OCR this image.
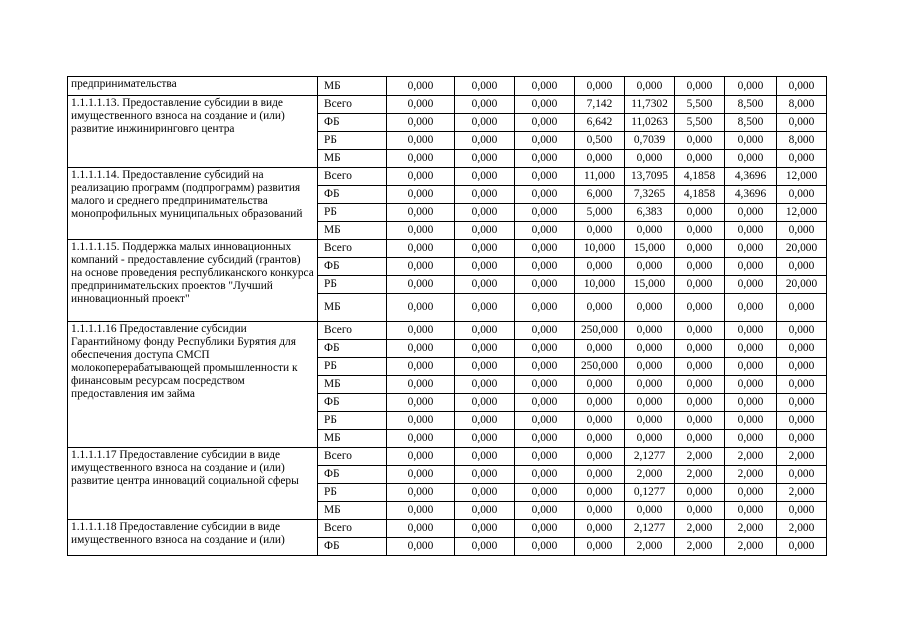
предпринимательства	МБ	0,000	0,000	0,000	0,000	0,000	0,000	0,000	0,000
1.1.1.1.13. Предоставление субсидии в виде имущественного взноса на создание и (или) развитие инжиниринговго центра	Всего	0,000	0,000	0,000	7,142	11,7302	5,500	8,500	8,000
	ФБ	0,000	0,000	0,000	6,642	11,0263	5,500	8,500	0,000
	РБ	0,000	0,000	0,000	0,500	0,7039	0,000	0,000	8,000
	МБ	0,000	0,000	0,000	0,000	0,000	0,000	0,000	0,000
1.1.1.1.14. Предоставление субсидий на реализацию программ (подпрограмм) развития малого и среднего предпринимательства монопрофильных муниципальных образований	Всего	0,000	0,000	0,000	11,000	13,7095	4,1858	4,3696	12,000
	ФБ	0,000	0,000	0,000	6,000	7,3265	4,1858	4,3696	0,000
	РБ	0,000	0,000	0,000	5,000	6,383	0,000	0,000	12,000
	МБ	0,000	0,000	0,000	0,000	0,000	0,000	0,000	0,000
1.1.1.1.15. Поддержка малых инновационных компаний - предоставление субсидий (грантов) на основе проведения республиканского конкурса предпринимательских проектов "Лучший инновационный проект"	Всего	0,000	0,000	0,000	10,000	15,000	0,000	0,000	20,000
	ФБ	0,000	0,000	0,000	0,000	0,000	0,000	0,000	0,000
	РБ	0,000	0,000	0,000	10,000	15,000	0,000	0,000	20,000
	МБ	0,000	0,000	0,000	0,000	0,000	0,000	0,000	0,000
1.1.1.1.16 Предоставление субсидии Гарантийному фонду Республики Бурятия для обеспечения доступа СМСП молокоперерабатывающей промышленности к финансовым ресурсам посредством предоставления им займа	Всего	0,000	0,000	0,000	250,000	0,000	0,000	0,000	0,000
	ФБ	0,000	0,000	0,000	0,000	0,000	0,000	0,000	0,000
	РБ	0,000	0,000	0,000	250,000	0,000	0,000	0,000	0,000
	МБ	0,000	0,000	0,000	0,000	0,000	0,000	0,000	0,000
	ФБ	0,000	0,000	0,000	0,000	0,000	0,000	0,000	0,000
	РБ	0,000	0,000	0,000	0,000	0,000	0,000	0,000	0,000
	МБ	0,000	0,000	0,000	0,000	0,000	0,000	0,000	0,000
1.1.1.1.17 Предоставление субсидии в виде имущественного взноса на создание и (или) развитие центра инноваций социальной сферы	Всего	0,000	0,000	0,000	0,000	2,1277	2,000	2,000	2,000
	ФБ	0,000	0,000	0,000	0,000	2,000	2,000	2,000	0,000
	РБ	0,000	0,000	0,000	0,000	0,1277	0,000	0,000	2,000
	МБ	0,000	0,000	0,000	0,000	0,000	0,000	0,000	0,000
1.1.1.1.18 Предоставление субсидии в виде имущественного взноса на создание и (или)	Всего	0,000	0,000	0,000	0,000	2,1277	2,000	2,000	2,000
	ФБ	0,000	0,000	0,000	0,000	2,000	2,000	2,000	0,000
